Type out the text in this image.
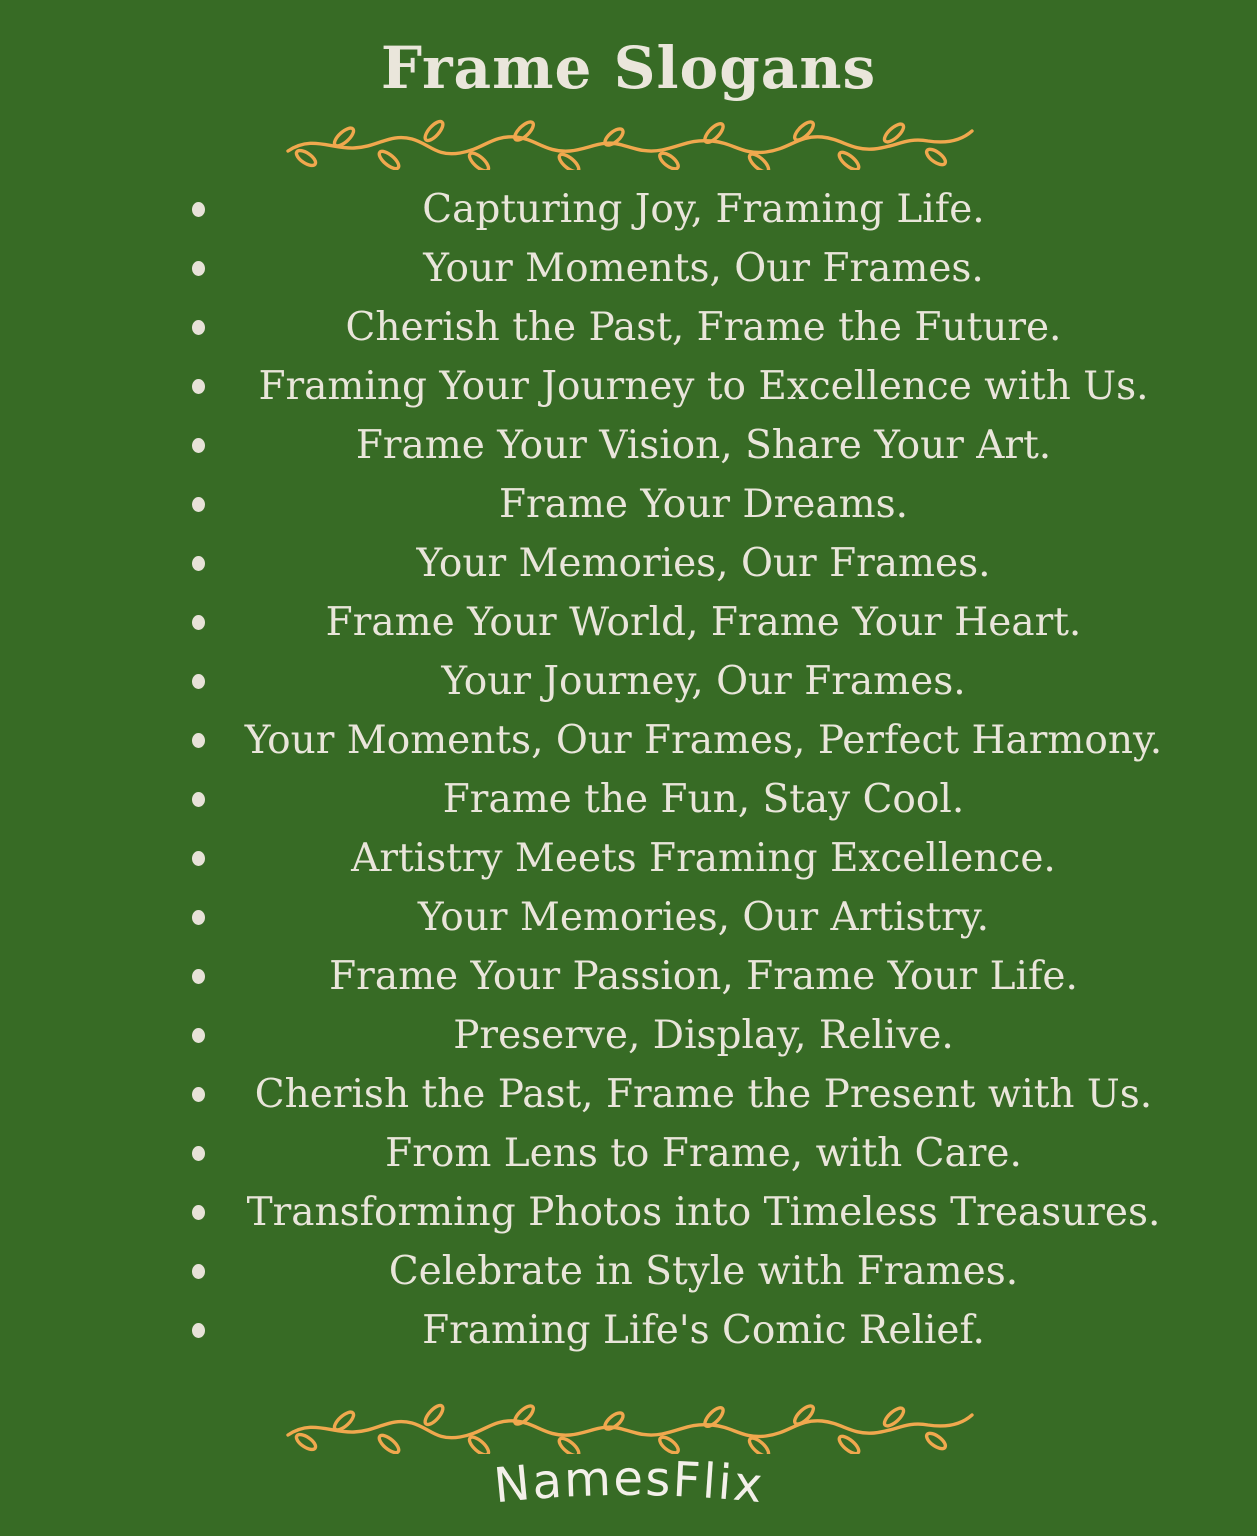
Frame Slogans
Capturing Joy, Framing Life.
Your Moments, Our Frames.
Cherish the Past, Frame the Future.
Framing Your Journey to Excellence with Us.
Frame Your Vision, Share Your Art.
Frame Your Dreams.
Your Memories, Our Frames.
Frame Your World, Frame Your Heart.
Your Journey, Our Frames.
Your Moments, Our Frames, Perfect Harmony.
Frame the Fun, Stay Cool.
Artistry Meets Framing Excellence.
Your Memories, Our Artistry.
Frame Your Passion, Frame Your Life.
Preserve, Display, Relive.
Cherish the Past, Frame the Present with Us.
From Lens to Frame, with Care.
Transforming Photos into Timeless Treasures.
Celebrate in Style with Frames.
Framing Life's Comic Relief.
NamesFlix
